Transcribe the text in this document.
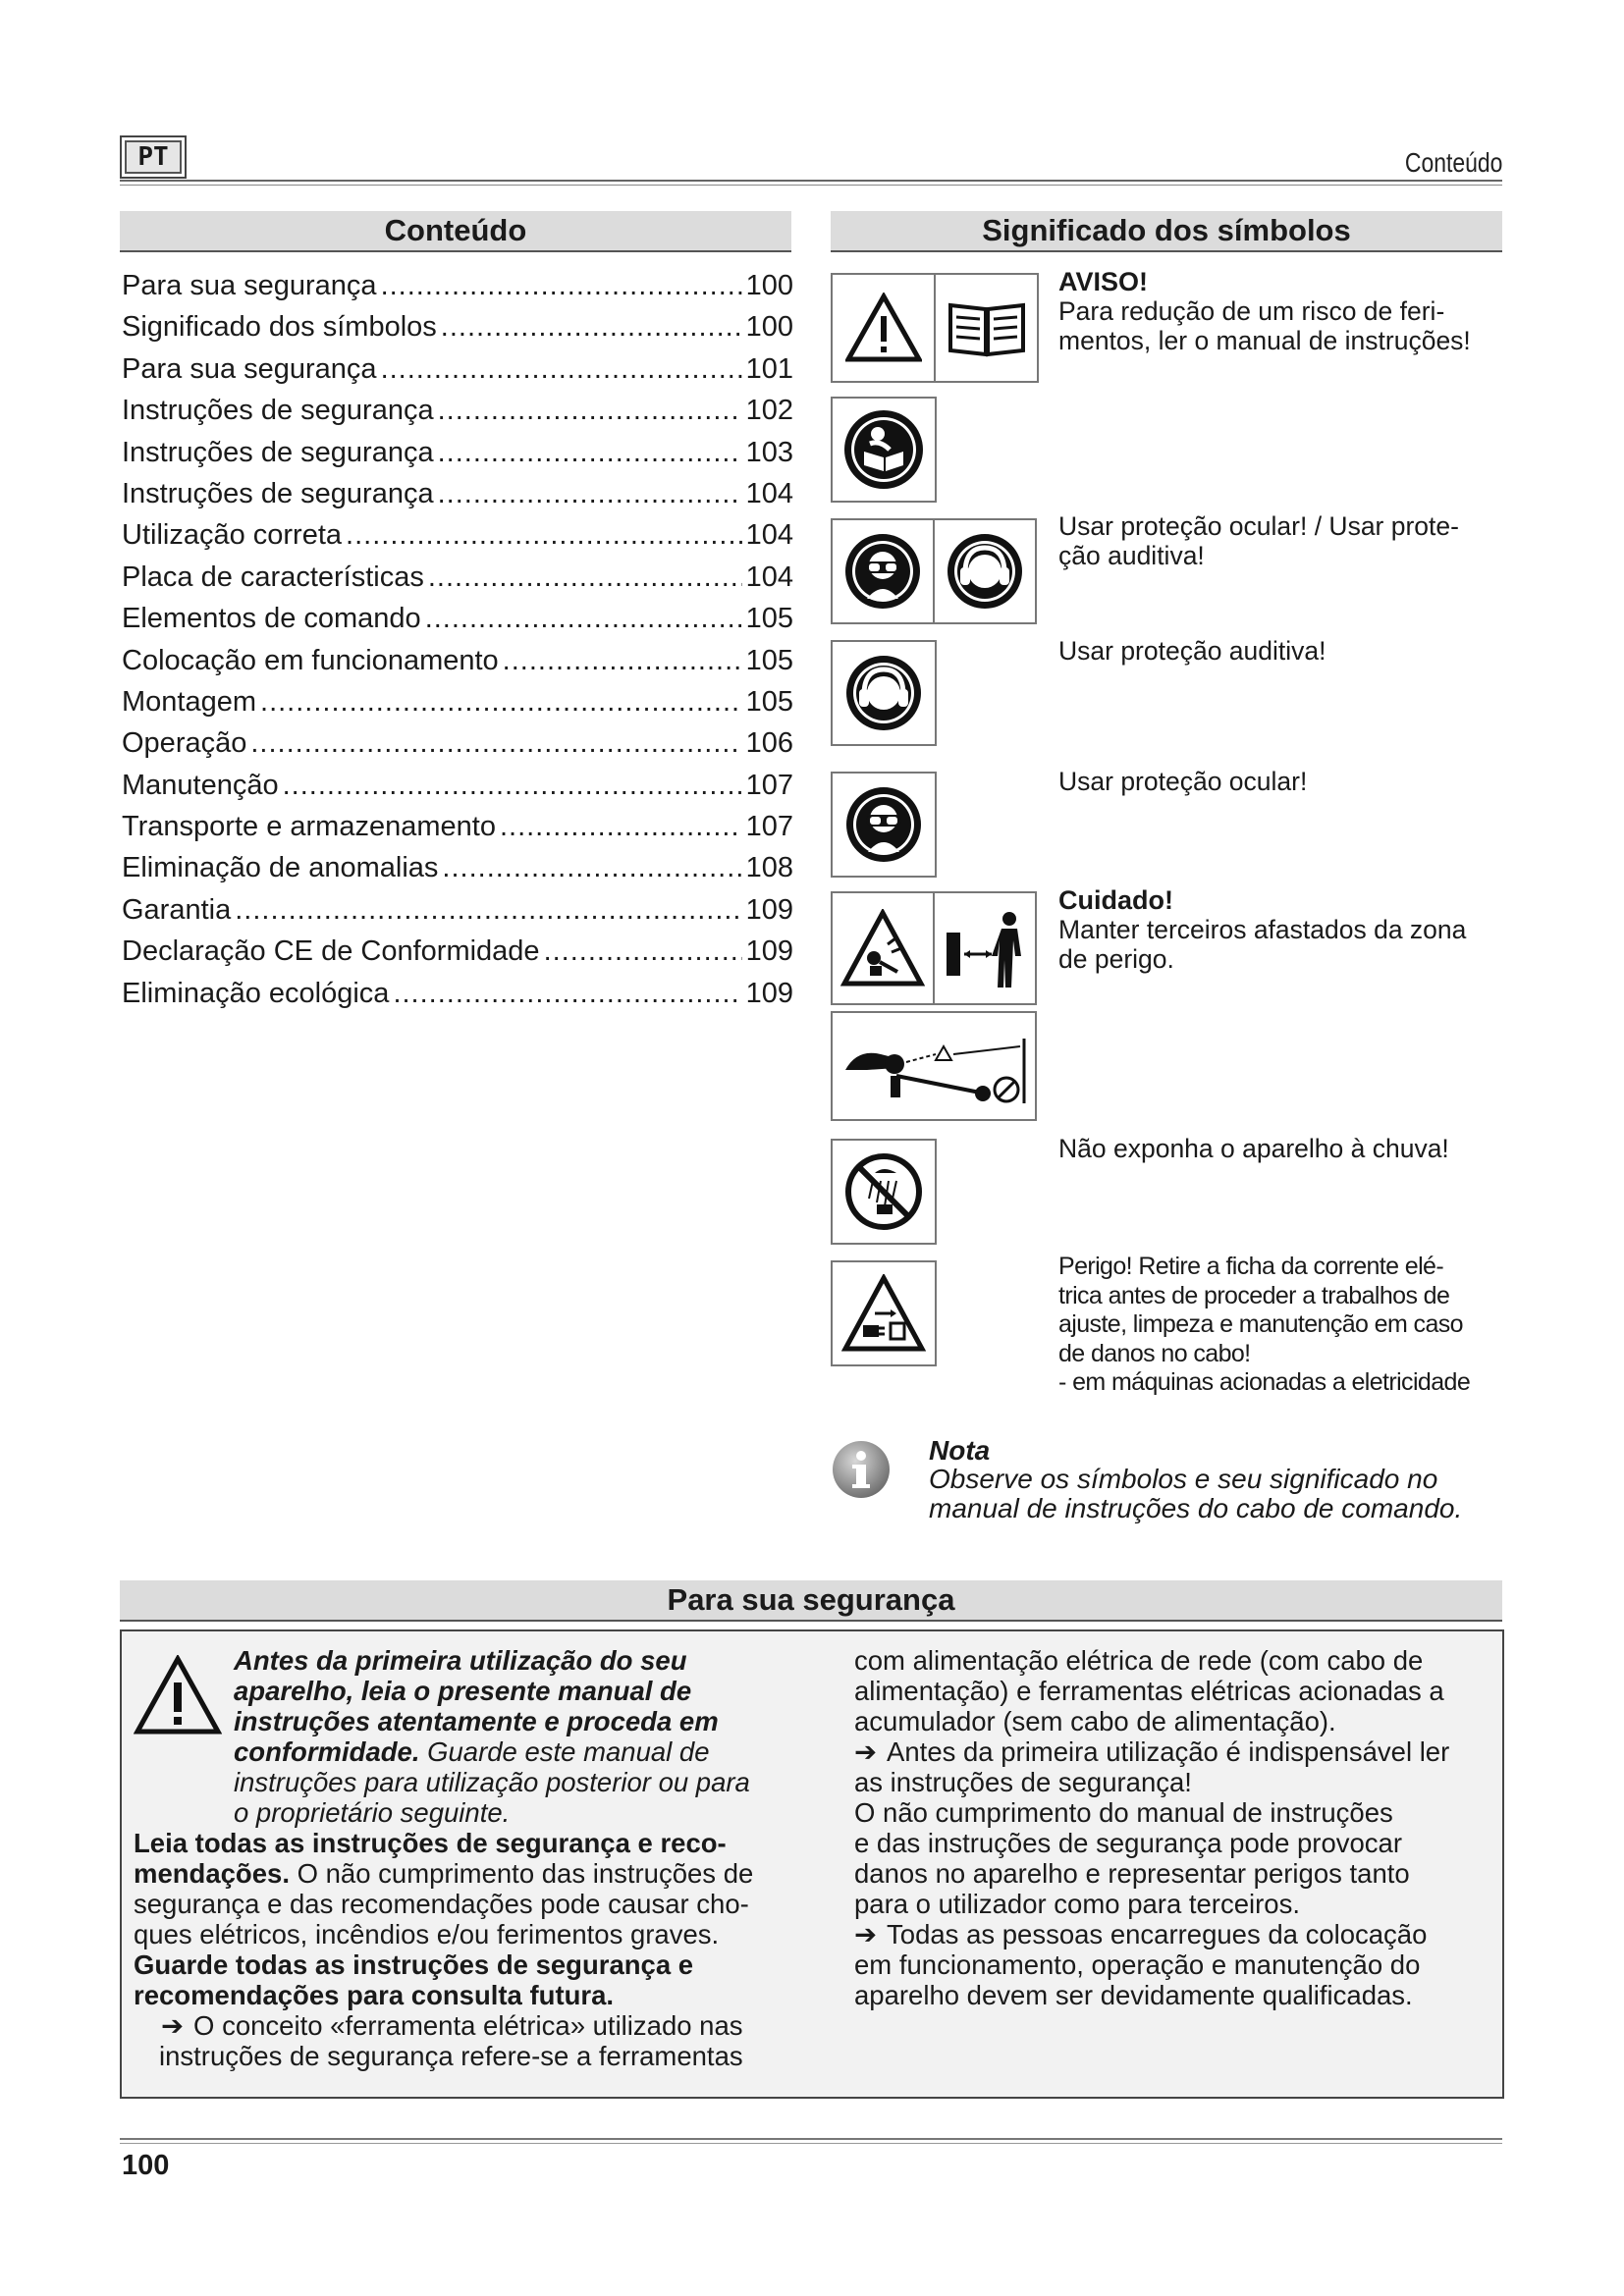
PT	Conteúdo
Conteúdo
Para sua segurança .....	100
Significado dos símbolos .....	100
Para sua segurança .....	101
Instruções de segurança .....	102
Instruções de segurança .....	103
Instruções de segurança .....	104
Utilização correta .....	104
Placa de características .....	104
Elementos de comando .....	105
Colocação em funcionamento .....	105
Montagem .....	105
Operação .....	106
Manutenção .....	107
Transporte e armazenamento .....	107
Eliminação de anomalias .....	108
Garantia .....	109
Declaração CE de Conformidade .....	109
Eliminação ecológica .....	109
Significado dos símbolos
AVISO!
Para redução de um risco de feri-
mentos, ler o manual de instruções!
Usar proteção ocular! / Usar prote-
ção auditiva!
Usar proteção auditiva!
Usar proteção ocular!
Cuidado!
Manter terceiros afastados da zona
de perigo.
Não exponha o aparelho à chuva!
Perigo! Retire a ficha da corrente elé-
trica antes de proceder a trabalhos de
ajuste, limpeza e manutenção em caso
de danos no cabo!
- em máquinas acionadas a eletricidade
Nota
Observe os símbolos e seu significado no
manual de instruções do cabo de comando.
Para sua segurança
Antes da primeira utilização do seu
aparelho, leia o presente manual de
instruções atentamente e proceda em
conformidade. Guarde este manual de
instruções para utilização posterior ou para
o proprietário seguinte.
Leia todas as instruções de segurança e reco-
mendações. O não cumprimento das instruções de
segurança e das recomendações pode causar cho-
ques elétricos, incêndios e/ou ferimentos graves.
Guarde todas as instruções de segurança e
recomendações para consulta futura.
➔ O conceito «ferramenta elétrica» utilizado nas
instruções de segurança refere-se a ferramentas
com alimentação elétrica de rede (com cabo de
alimentação) e ferramentas elétricas acionadas a
acumulador (sem cabo de alimentação).
➔ Antes da primeira utilização é indispensável ler
as instruções de segurança!
O não cumprimento do manual de instruções
e das instruções de segurança pode provocar
danos no aparelho e representar perigos tanto
para o utilizador como para terceiros.
➔ Todas as pessoas encarregues da colocação
em funcionamento, operação e manutenção do
aparelho devem ser devidamente qualificadas.
100
